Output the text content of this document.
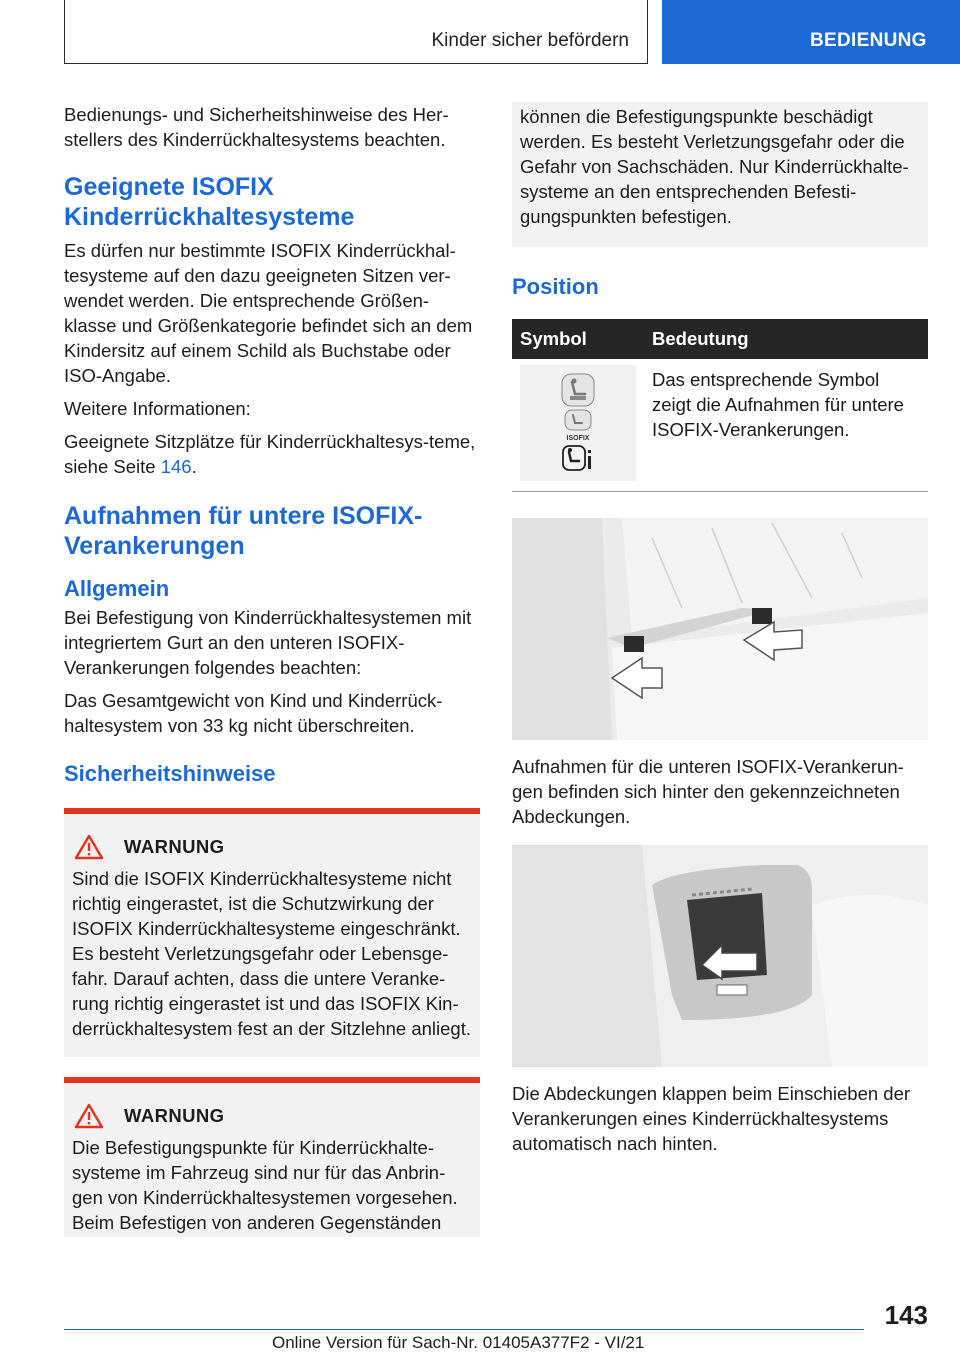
Kinder sicher befördern	BEDIENUNG

Bedienungs- und Sicherheitshinweise des Her-stellers des Kinderrückhaltesystems beachten.

Geeignete ISOFIX
Kinderrückhaltesysteme

Es dürfen nur bestimmte ISOFIX Kinderrückhal-tesysteme auf den dazu geeigneten Sitzen ver-wendet werden. Die entsprechende Größen-klasse und Größenkategorie befindet sich an dem Kindersitz auf einem Schild als Buchstabe oder ISO-Angabe.

Weitere Informationen:

Geeignete Sitzplätze für Kinderrückhaltesys-teme, siehe Seite 146.

Aufnahmen für untere ISOFIX-
Verankerungen
Allgemein

Bei Befestigung von Kinderrückhaltesystemen mit integriertem Gurt an den unteren ISOFIX-Verankerungen folgendes beachten:

Das Gesamtgewicht von Kind und Kinderrück-haltesystem von 33 kg nicht überschreiten.

Sicherheitshinweise
WARNUNG

Sind die ISOFIX Kinderrückhaltesysteme nicht richtig eingerastet, ist die Schutzwirkung der ISOFIX Kinderrückhaltesysteme eingeschränkt. Es besteht Verletzungsgefahr oder Lebensge-fahr. Darauf achten, dass die untere Veranke-rung richtig eingerastet ist und das ISOFIX Kin-derrückhaltesystem fest an der Sitzlehne anliegt.

WARNUNG

Die Befestigungspunkte für Kinderrückhalte-systeme im Fahrzeug sind nur für das Anbrin-gen von Kinderrückhaltesystemen vorgesehen. Beim Befestigen von anderen Gegenständen

können die Befestigungspunkte beschädigt werden. Es besteht Verletzungsgefahr oder die Gefahr von Sachschäden. Nur Kinderrückhalte-systeme an den entsprechenden Befesti-gungspunkten befestigen.

Position
Symbol	Bedeutung

ISOFIX	Das entsprechende Symbol zeigt die Aufnahmen für untere ISOFIX-Verankerungen.

Aufnahmen für die unteren ISOFIX-Verankerun-gen befinden sich hinter den gekennzeichneten Abdeckungen.

Die Abdeckungen klappen beim Einschieben der Verankerungen eines Kinderrückhaltesystems automatisch nach hinten.

143
Online Version für Sach-Nr. 01405A377F2 - VI/21
